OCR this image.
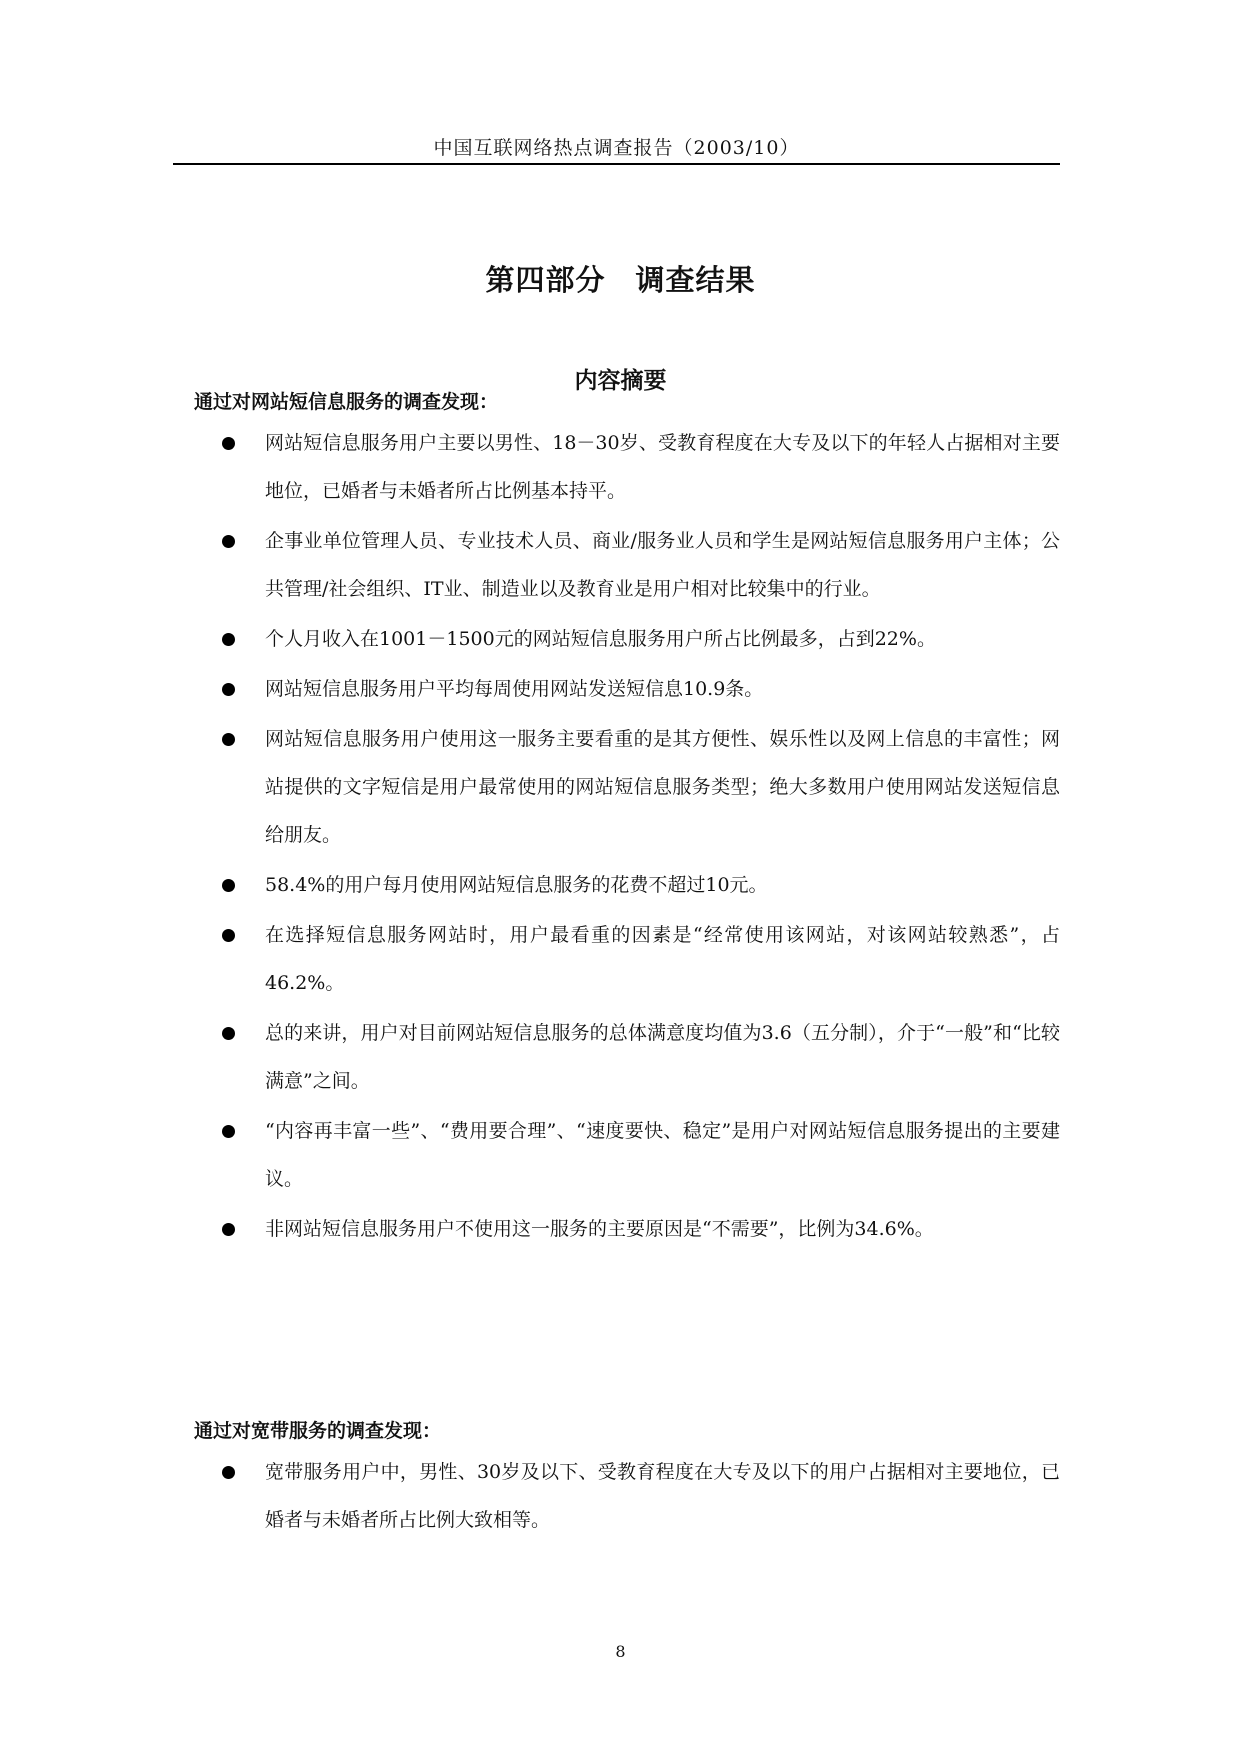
中国互联网络热点调查报告（2003/10）
第四部分 调查结果
内容摘要
通过对网站短信息服务的调查发现：
网站短信息服务用户主要以男性、18－30岁、受教育程度在大专及以下的年轻人占据相对主要地位，已婚者与未婚者所占比例基本持平。
企事业单位管理人员、专业技术人员、商业/服务业人员和学生是网站短信息服务用户主体；公共管理/社会组织、IT业、制造业以及教育业是用户相对比较集中的行业。
个人月收入在1001－1500元的网站短信息服务用户所占比例最多，占到22%。
网站短信息服务用户平均每周使用网站发送短信息10.9条。
网站短信息服务用户使用这一服务主要看重的是其方便性、娱乐性以及网上信息的丰富性；网站提供的文字短信是用户最常使用的网站短信息服务类型；绝大多数用户使用网站发送短信息给朋友。
58.4%的用户每月使用网站短信息服务的花费不超过10元。
在选择短信息服务网站时，用户最看重的因素是“经常使用该网站，对该网站较熟悉”，占46.2%。
总的来讲，用户对目前网站短信息服务的总体满意度均值为3.6（五分制），介于“一般”和“比较满意”之间。
“内容再丰富一些”、“费用要合理”、“速度要快、稳定”是用户对网站短信息服务提出的主要建议。
非网站短信息服务用户不使用这一服务的主要原因是“不需要”，比例为34.6%。
通过对宽带服务的调查发现：
宽带服务用户中，男性、30岁及以下、受教育程度在大专及以下的用户占据相对主要地位，已婚者与未婚者所占比例大致相等。
8
